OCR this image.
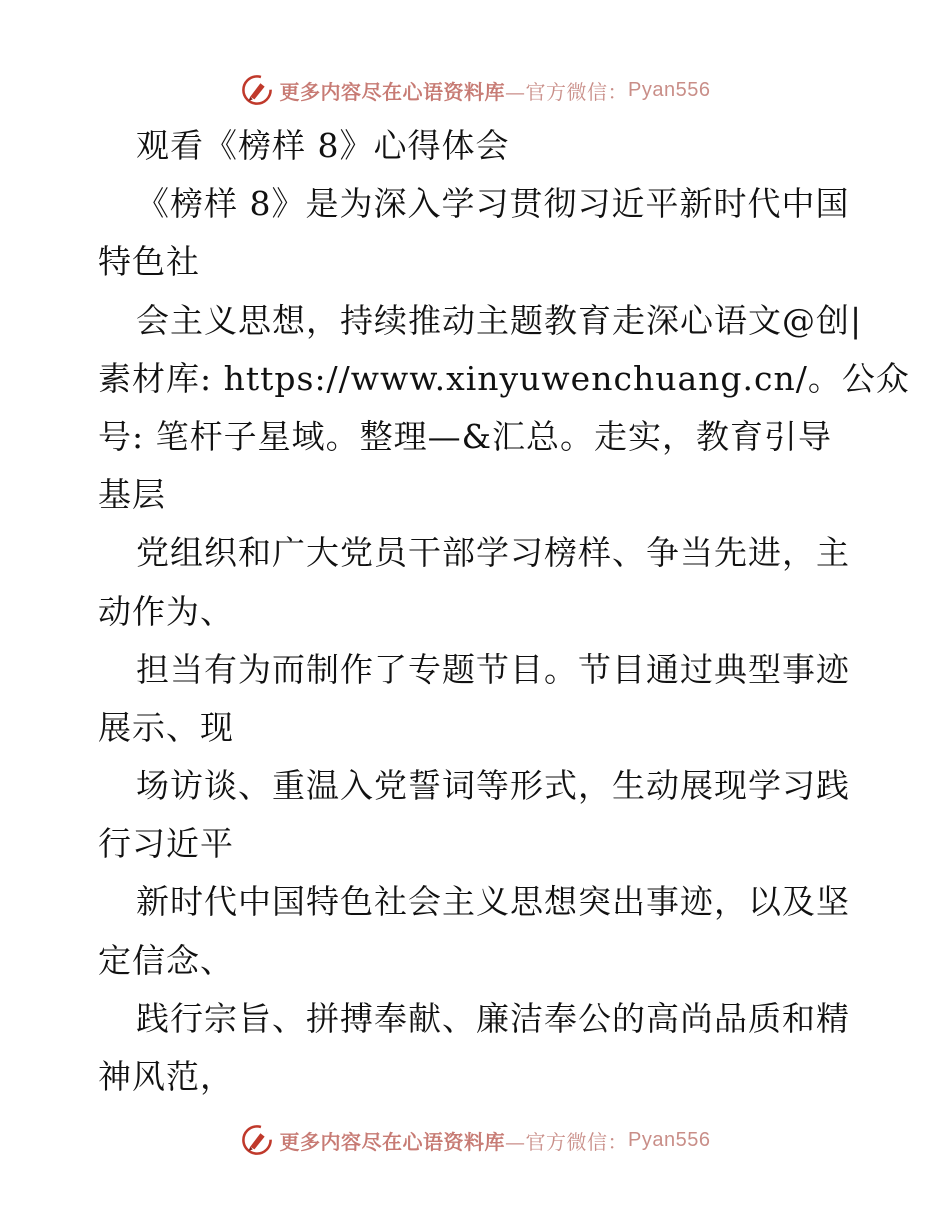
更多内容尽在心语资料库 —官方微信： Pyan556
观看《榜样 8》心得体会
《榜样 8》是为深入学习贯彻习近平新时代中国
特色社
会主义思想，持续推动主题教育走深心语文@创|
素材库: https://www.xinyuwenchuang.cn/。公众
号: 笔杆子星域。整理—&汇总。走实，教育引导
基层
党组织和广大党员干部学习榜样、争当先进，主
动作为、
担当有为而制作了专题节目。节目通过典型事迹
展示、现
场访谈、重温入党誓词等形式，生动展现学习践
行习近平
新时代中国特色社会主义思想突出事迹，以及坚
定信念、
践行宗旨、拼搏奉献、廉洁奉公的高尚品质和精
神风范，
更多内容尽在心语资料库 —官方微信： Pyan556
